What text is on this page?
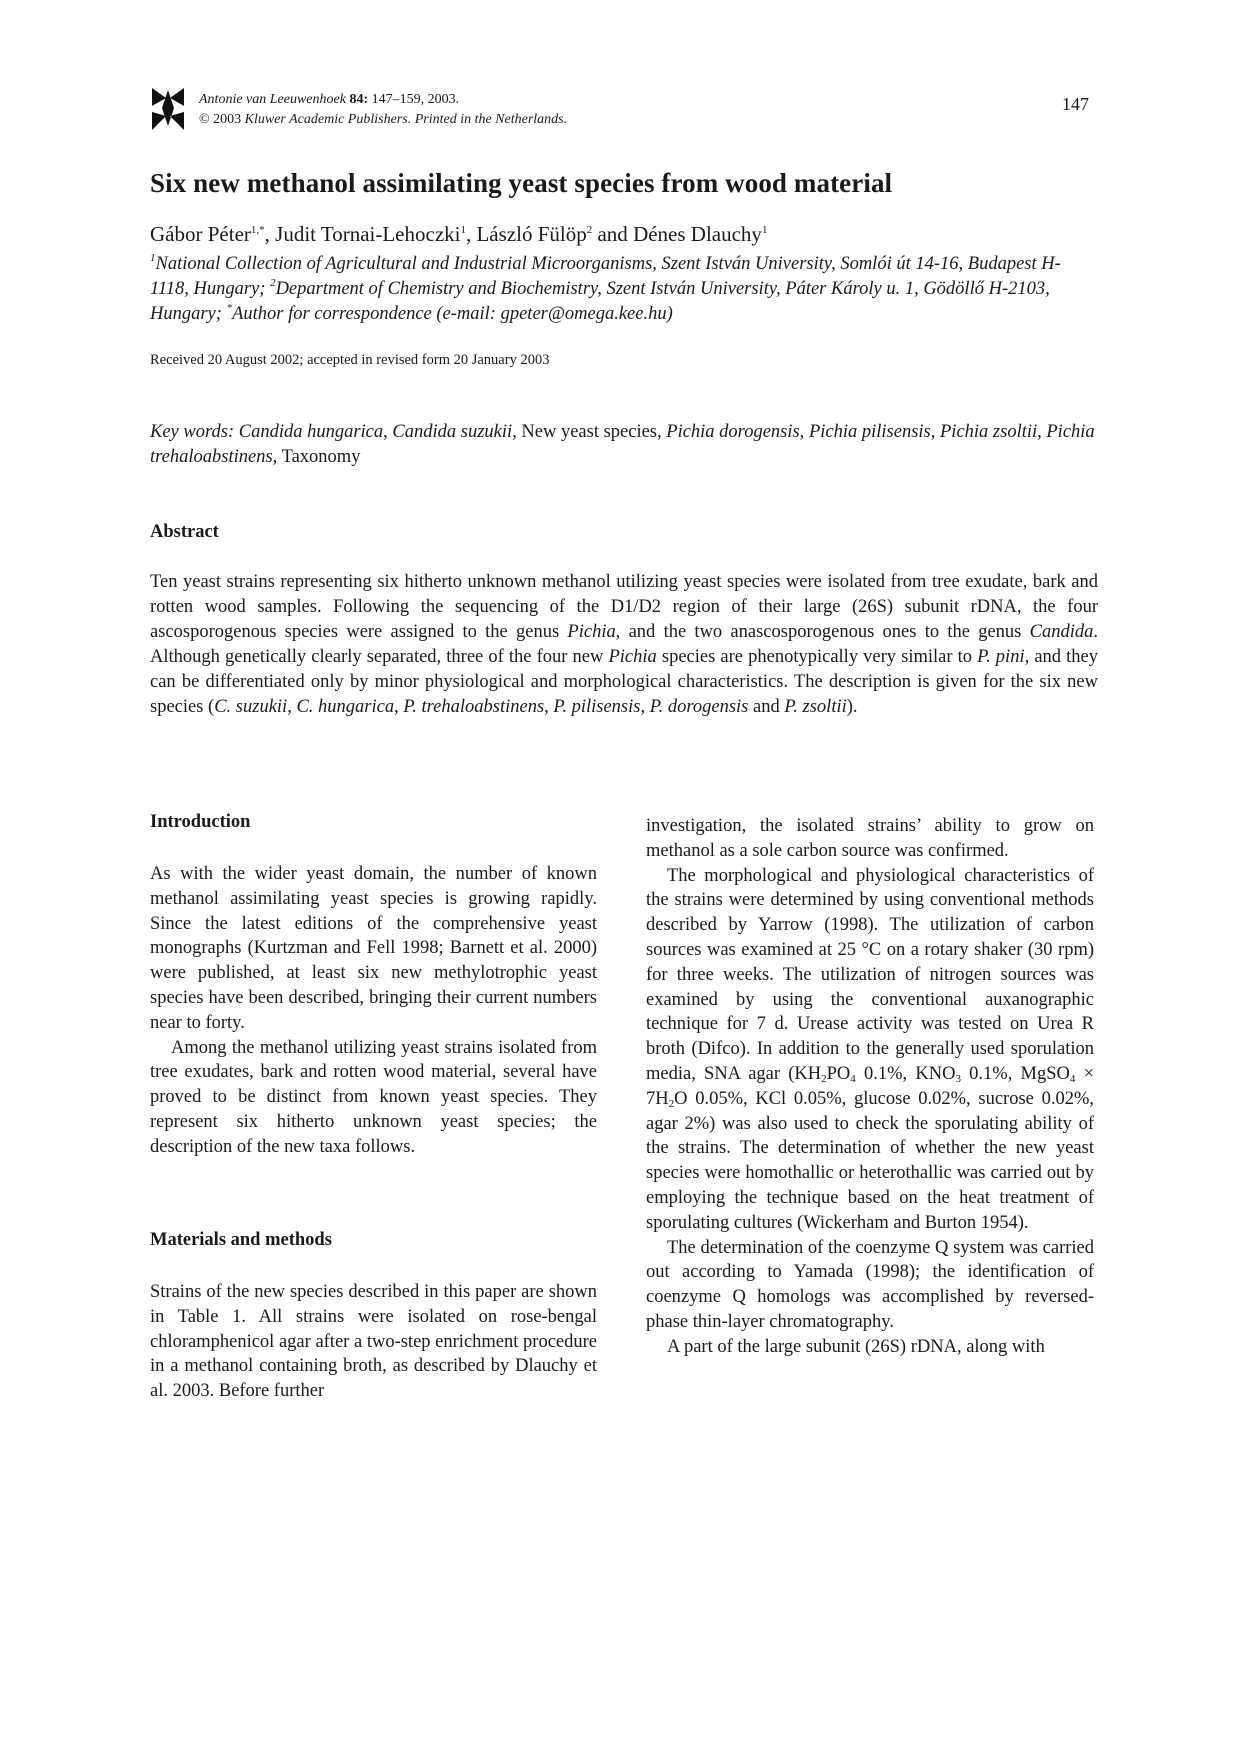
Antonie van Leeuwenhoek 84: 147–159, 2003.
© 2003 Kluwer Academic Publishers. Printed in the Netherlands.
147
Six new methanol assimilating yeast species from wood material
Gábor Péter$^{1,*}$, Judit Tornai-Lehoczki$^1$, László Fülöp$^2$ and Dénes Dlauchy$^1$
$^1$National Collection of Agricultural and Industrial Microorganisms, Szent István University, Somlói út 14-16, Budapest H-1118, Hungary; $^2$Department of Chemistry and Biochemistry, Szent István University, Páter Károly u. 1, Gödöllő H-2103, Hungary; *Author for correspondence (e-mail: gpeter@omega.kee.hu)
Received 20 August 2002; accepted in revised form 20 January 2003
Key words: Candida hungarica, Candida suzukii, New yeast species, Pichia dorogensis, Pichia pilisensis, Pichia zsoltii, Pichia trehaloabstinens, Taxonomy
Abstract
Ten yeast strains representing six hitherto unknown methanol utilizing yeast species were isolated from tree exudate, bark and rotten wood samples. Following the sequencing of the D1/D2 region of their large (26S) subunit rDNA, the four ascosporogenous species were assigned to the genus Pichia, and the two anascosporogenous ones to the genus Candida. Although genetically clearly separated, three of the four new Pichia species are phenotypically very similar to P. pini, and they can be differentiated only by minor physiological and morphological characteristics. The description is given for the six new species (C. suzukii, C. hungarica, P. trehaloabstinens, P. pilisensis, P. dorogensis and P. zsoltii).
Introduction

As with the wider yeast domain, the number of known methanol assimilating yeast species is growing rapidly. Since the latest editions of the comprehensive yeast monographs (Kurtzman and Fell 1998; Barnett et al. 2000) were published, at least six new methylotrophic yeast species have been described, bringing their current numbers near to forty.

Among the methanol utilizing yeast strains isolated from tree exudates, bark and rotten wood material, several have proved to be distinct from known yeast species. They represent six hitherto unknown yeast species; the description of the new taxa follows.

Materials and methods

Strains of the new species described in this paper are shown in Table 1. All strains were isolated on rose-bengal chloramphenicol agar after a two-step enrichment procedure in a methanol containing broth, as described by Dlauchy et al. 2003. Before further

investigation, the isolated strains’ ability to grow on methanol as a sole carbon source was confirmed.

The morphological and physiological characteristics of the strains were determined by using conventional methods described by Yarrow (1998). The utilization of carbon sources was examined at 25 °C on a rotary shaker (30 rpm) for three weeks. The utilization of nitrogen sources was examined by using the conventional auxanographic technique for 7 d. Urease activity was tested on Urea R broth (Difco). In addition to the generally used sporulation media, SNA agar ($KH_2PO_4$ 0.1%, $KNO_3$ 0.1%, MgSO$_4$ × $7H_2O$ 0.05%, KCl 0.05%, glucose 0.02%, sucrose 0.02%, agar 2%) was also used to check the sporulating ability of the strains. The determination of whether the new yeast species were homothallic or heterothallic was carried out by employing the technique based on the heat treatment of sporulating cultures (Wickerham and Burton 1954).

The determination of the coenzyme Q system was carried out according to Yamada (1998); the identification of coenzyme Q homologs was accomplished by reversed-phase thin-layer chromatography.

A part of the large subunit (26S) rDNA, along with
